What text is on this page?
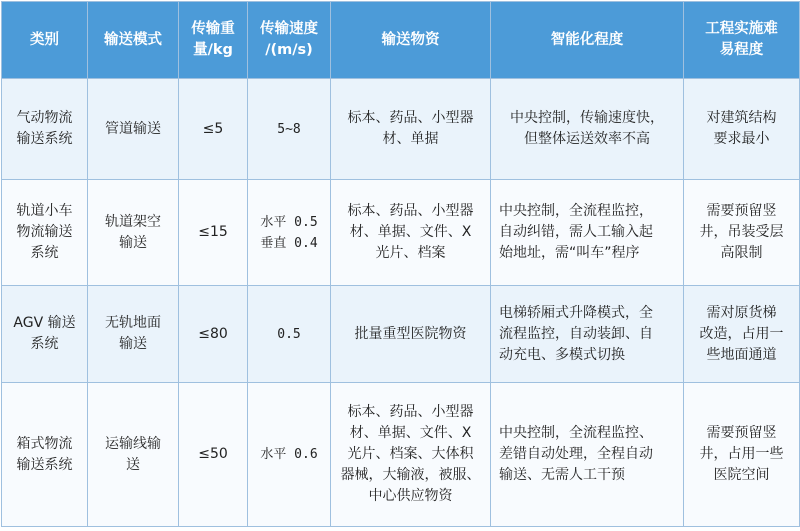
类别	输送模式	传输重
量/kg	传输速度
/(m/s)	输送物资	智能化程度	工程实施难
易程度
气动物流
输送系统	管道输送	≤5	5~8	标本、药品、小型器
材、单据	中央控制，传输速度快，
但整体运送效率不高	对建筑结构
要求最小
轨道小车
物流输送
系统	轨道架空
输送	≤15	水平 0.5
垂直 0.4	标本、药品、小型器
材、单据、文件、X
光片、档案	中央控制，全流程监控，
自动纠错，需人工输入起
始地址，需“叫车”程序	需要预留竖
井，吊装受层
高限制
AGV 输送
系统	无轨地面
输送	≤80	0.5	批量重型医院物资	电梯轿厢式升降模式，全
流程监控，自动装卸、自
动充电、多模式切换	需对原货梯
改造，占用一
些地面通道
箱式物流
输送系统	运输线输
送	≤50	水平 0.6	标本、药品、小型器
材、单据、文件、X
光片、档案、大体积
器械，大输液，被服、
中心供应物资	中央控制，全流程监控、
差错自动处理，全程自动
输送、无需人工干预	需要预留竖
井，占用一些
医院空间
